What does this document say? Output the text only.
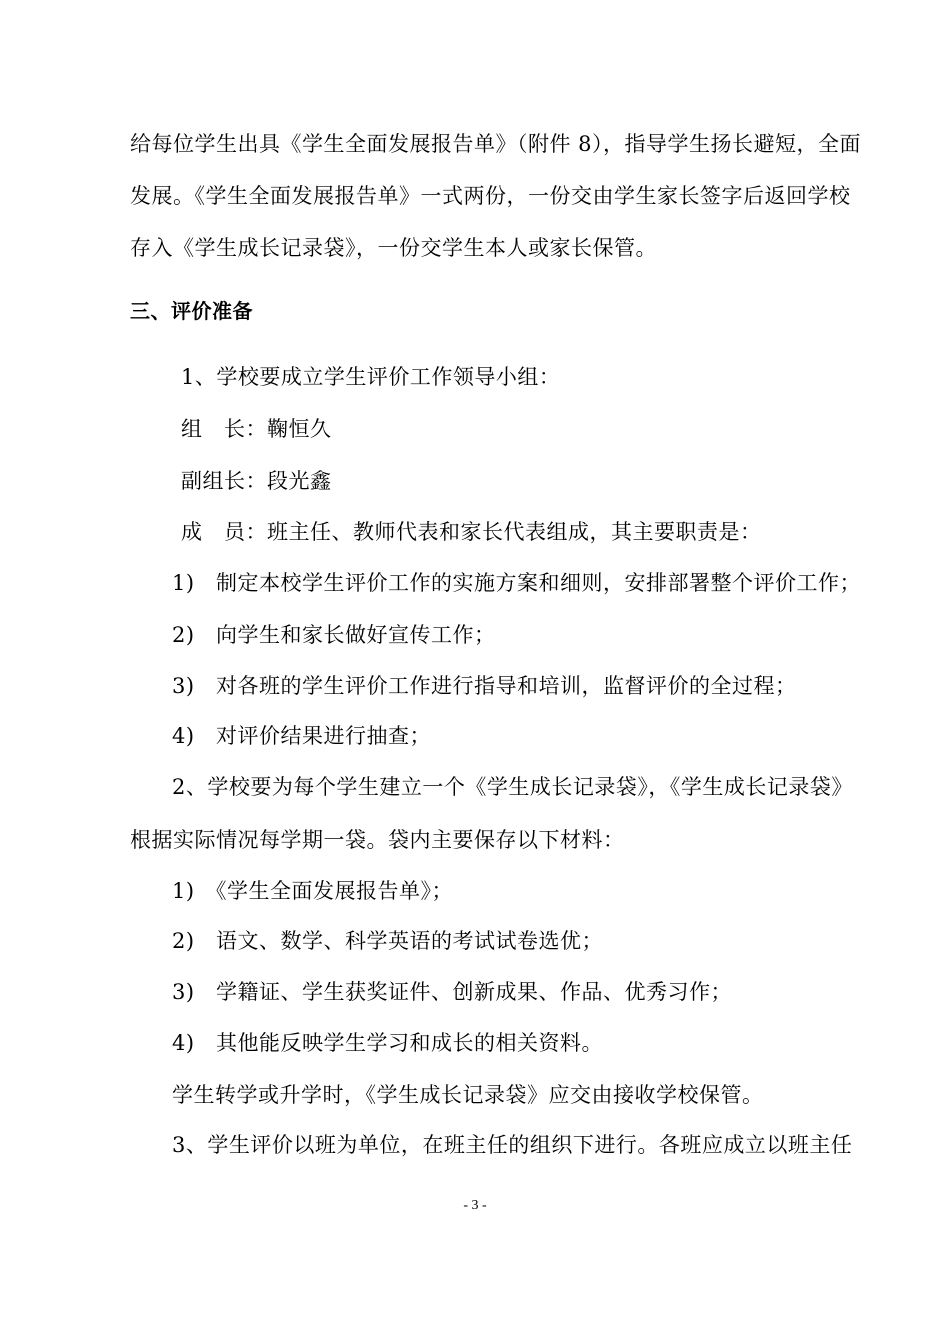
给每位学生出具《学生全面发展报告单》（附件 8），指导学生扬长避短，全面
发展。《学生全面发展报告单》一式两份，一份交由学生家长签字后返回学校
存入《学生成长记录袋》，一份交学生本人或家长保管。
三、评价准备
1、学校要成立学生评价工作领导小组：
组　长：鞠恒久
副组长：段光鑫
成　员：班主任、教师代表和家长代表组成，其主要职责是：
1)　制定本校学生评价工作的实施方案和细则，安排部署整个评价工作；
2)　向学生和家长做好宣传工作；
3)　对各班的学生评价工作进行指导和培训，监督评价的全过程；
4)　对评价结果进行抽查；
2、学校要为每个学生建立一个《学生成长记录袋》，《学生成长记录袋》
根据实际情况每学期一袋。袋内主要保存以下材料：
1)　《学生全面发展报告单》；
2)　语文、数学、科学英语的考试试卷选优；
3)　学籍证、学生获奖证件、创新成果、作品、优秀习作；
4)　其他能反映学生学习和成长的相关资料。
学生转学或升学时，《学生成长记录袋》应交由接收学校保管。
3、学生评价以班为单位，在班主任的组织下进行。各班应成立以班主任
- 3 -
